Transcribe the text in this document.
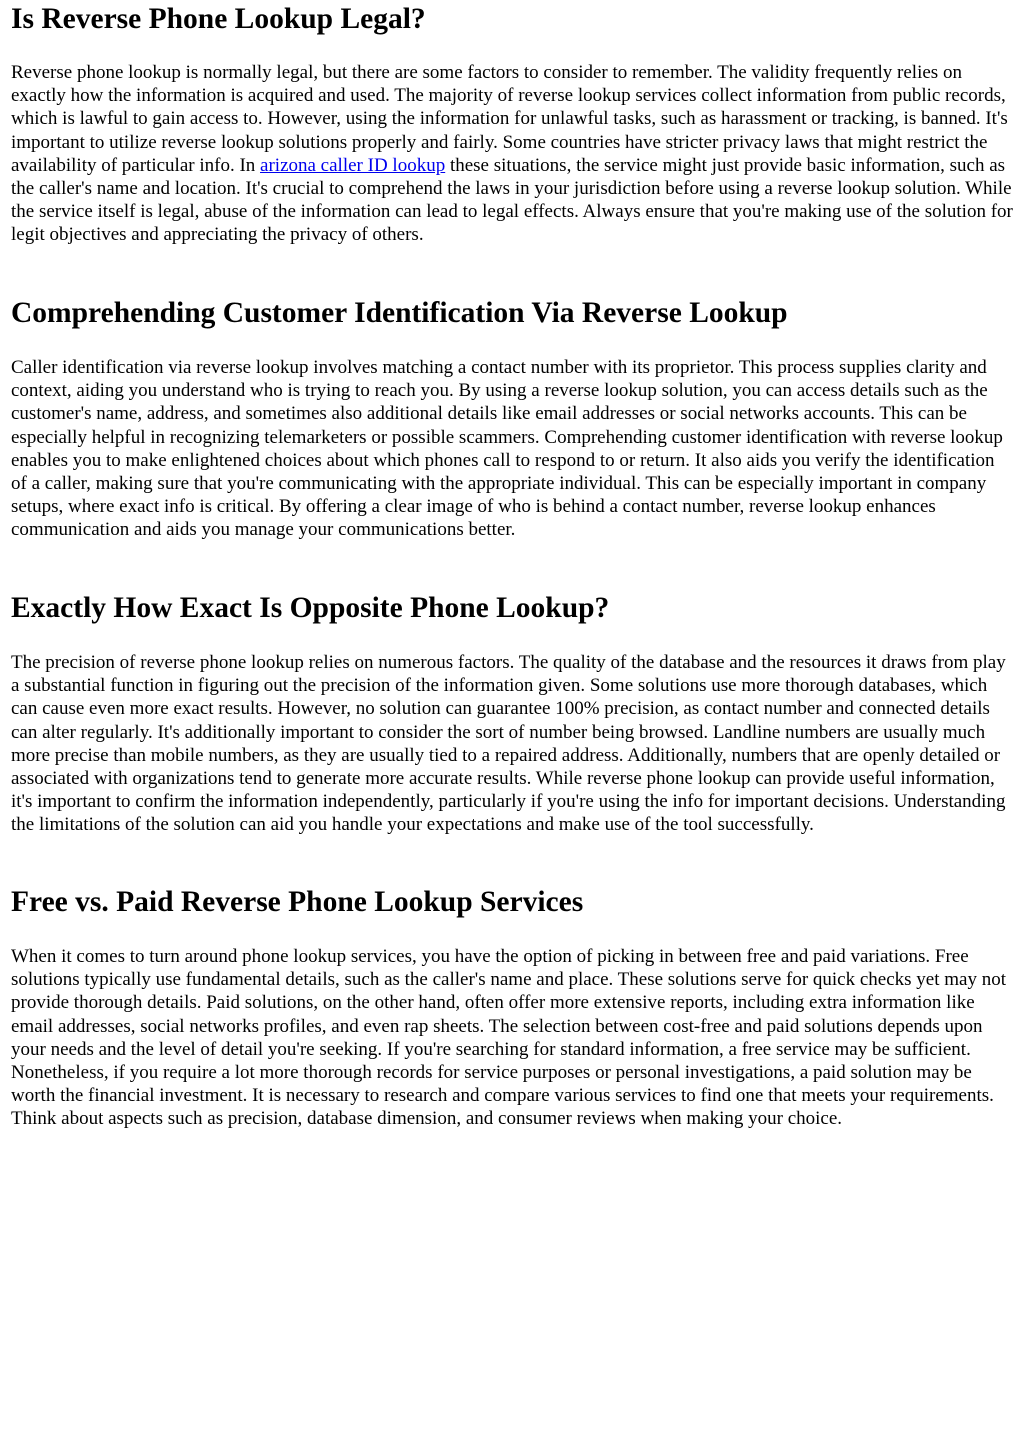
Is Reverse Phone Lookup Legal?

Reverse phone lookup is normally legal, but there are some factors to consider to remember. The validity frequently relies on exactly how the information is acquired and used. The majority of reverse lookup services collect information from public records, which is lawful to gain access to. However, using the information for unlawful tasks, such as harassment or tracking, is banned. It's important to utilize reverse lookup solutions properly and fairly. Some countries have stricter privacy laws that might restrict the availability of particular info. In arizona caller ID lookup these situations, the service might just provide basic information, such as the caller's name and location. It's crucial to comprehend the laws in your jurisdiction before using a reverse lookup solution. While the service itself is legal, abuse of the information can lead to legal effects. Always ensure that you're making use of the solution for legit objectives and appreciating the privacy of others.

Comprehending Customer Identification Via Reverse Lookup

Caller identification via reverse lookup involves matching a contact number with its proprietor. This process supplies clarity and context, aiding you understand who is trying to reach you. By using a reverse lookup solution, you can access details such as the customer's name, address, and sometimes also additional details like email addresses or social networks accounts. This can be especially helpful in recognizing telemarketers or possible scammers. Comprehending customer identification with reverse lookup enables you to make enlightened choices about which phones call to respond to or return. It also aids you verify the identification of a caller, making sure that you're communicating with the appropriate individual. This can be especially important in company setups, where exact info is critical. By offering a clear image of who is behind a contact number, reverse lookup enhances communication and aids you manage your communications better.

Exactly How Exact Is Opposite Phone Lookup?

The precision of reverse phone lookup relies on numerous factors. The quality of the database and the resources it draws from play a substantial function in figuring out the precision of the information given. Some solutions use more thorough databases, which can cause even more exact results. However, no solution can guarantee 100% precision, as contact number and connected details can alter regularly. It's additionally important to consider the sort of number being browsed. Landline numbers are usually much more precise than mobile numbers, as they are usually tied to a repaired address. Additionally, numbers that are openly detailed or associated with organizations tend to generate more accurate results. While reverse phone lookup can provide useful information, it's important to confirm the information independently, particularly if you're using the info for important decisions. Understanding the limitations of the solution can aid you handle your expectations and make use of the tool successfully.

Free vs. Paid Reverse Phone Lookup Services

When it comes to turn around phone lookup services, you have the option of picking in between free and paid variations. Free solutions typically use fundamental details, such as the caller's name and place. These solutions serve for quick checks yet may not provide thorough details. Paid solutions, on the other hand, often offer more extensive reports, including extra information like email addresses, social networks profiles, and even rap sheets. The selection between cost-free and paid solutions depends upon your needs and the level of detail you're seeking. If you're searching for standard information, a free service may be sufficient. Nonetheless, if you require a lot more thorough records for service purposes or personal investigations, a paid solution may be worth the financial investment. It is necessary to research and compare various services to find one that meets your requirements. Think about aspects such as precision, database dimension, and consumer reviews when making your choice.
